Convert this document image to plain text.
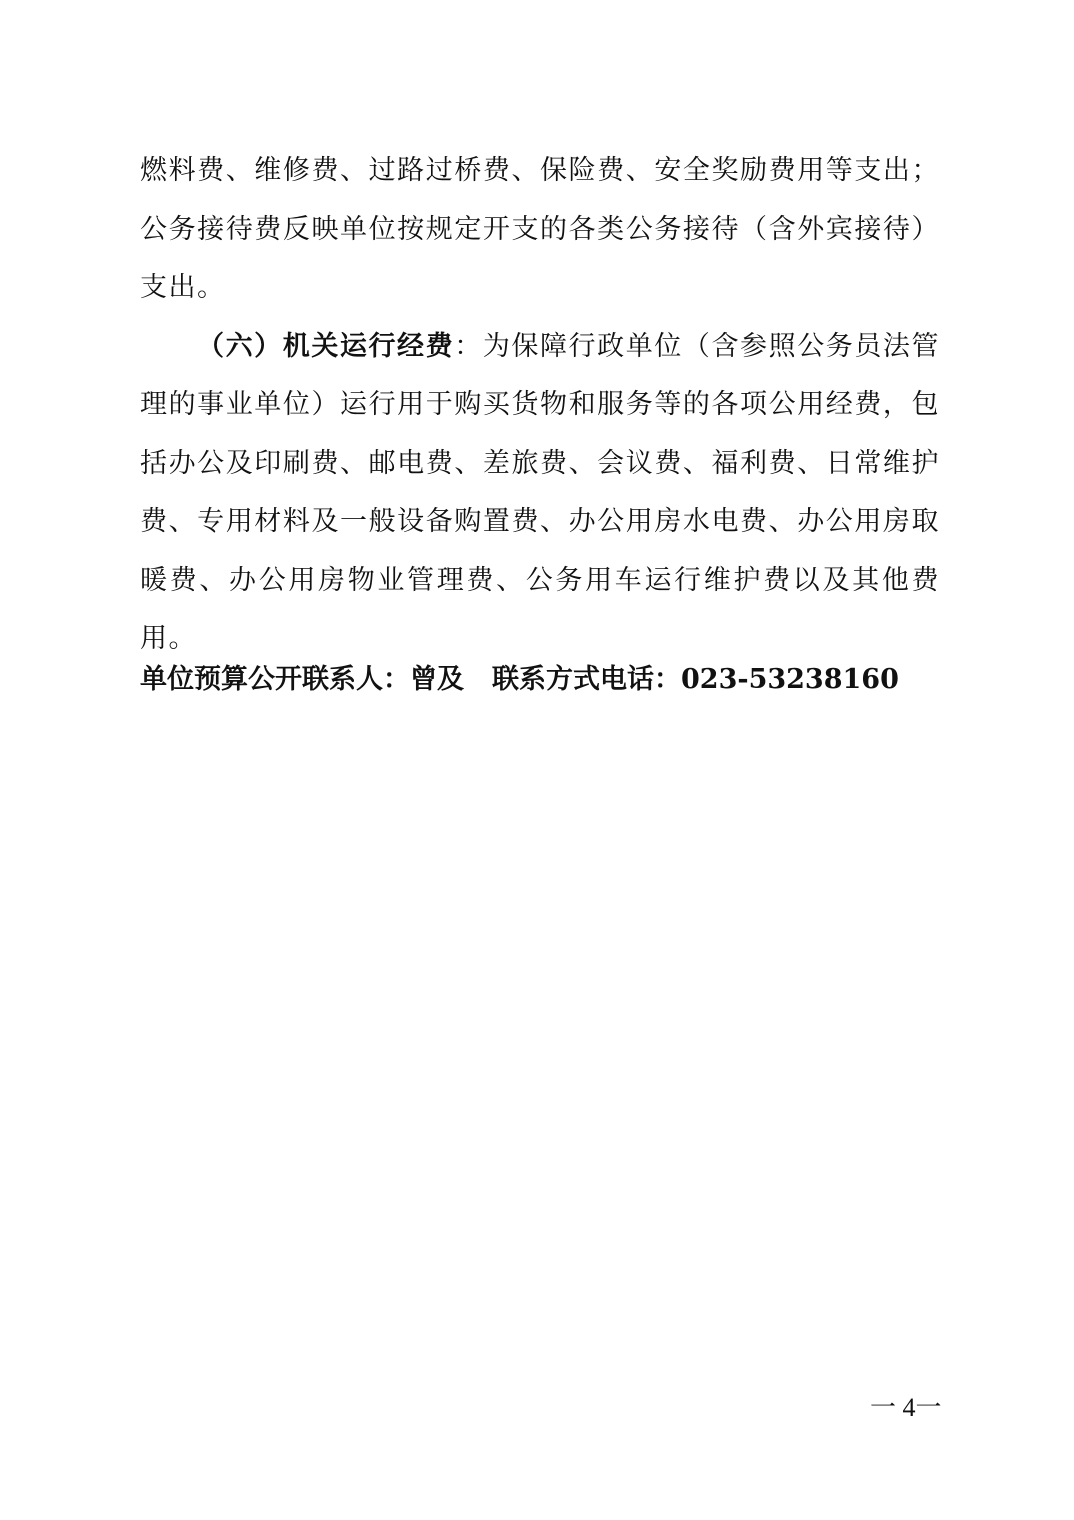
燃料费、维修费、过路过桥费、保险费、安全奖励费用等支出；公务接待费反映单位按规定开支的各类公务接待（含外宾接待）支出。

（六）机关运行经费：为保障行政单位（含参照公务员法管理的事业单位）运行用于购买货物和服务等的各项公用经费，包括办公及印刷费、邮电费、差旅费、会议费、福利费、日常维护费、专用材料及一般设备购置费、办公用房水电费、办公用房取暖费、办公用房物业管理费、公务用车运行维护费以及其他费用。

单位预算公开联系人：曾及 联系方式电话：023-53238160
一 4一
